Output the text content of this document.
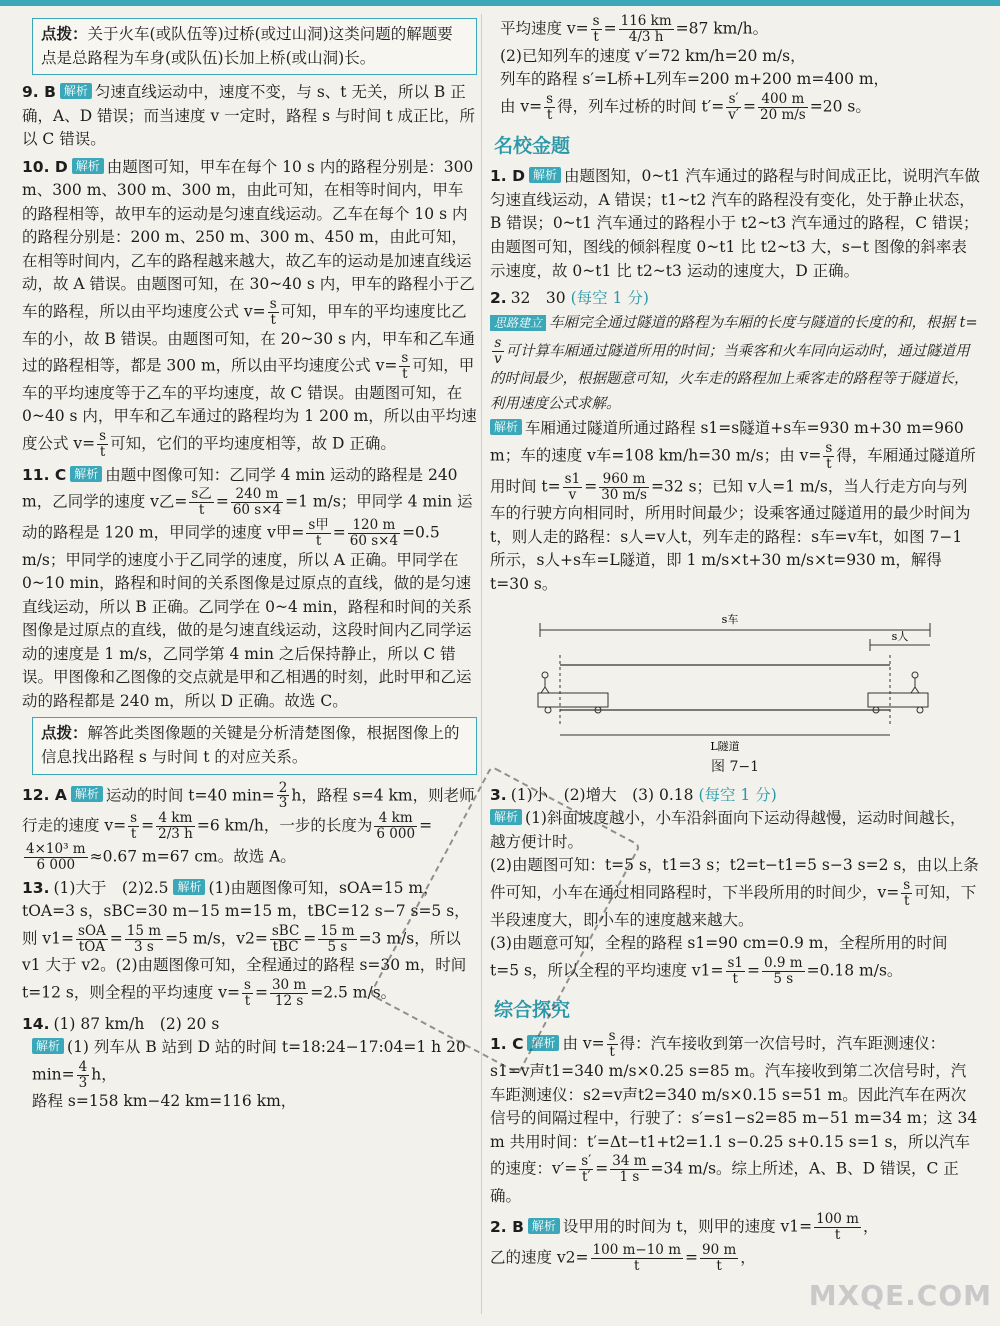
点拨：关于火车(或队伍等)过桥(或过山洞)这类问题的解题要点是总路程为车身(或队伍)长加上桥(或山洞)长。
9. B 解析 匀速直线运动中，速度不变，与 s、t 无关，所以 B 正确，A、D 错误；而当速度 v 一定时，路程 s 与时间 t 成正比，所以 C 错误。
10. D 解析 由题图可知，甲车在每个 10 s 内的路程分别是：300 m、300 m、300 m、300 m，由此可知，在相等时间内，甲车的路程相等，故甲车的运动是匀速直线运动。乙车在每个 10 s 内的路程分别是：200 m、250 m、300 m、450 m，由此可知，在相等时间内，乙车的路程越来越大，故乙车的运动是加速直线运动，故 A 错误。由题图可知，在 30~40 s 内，甲车的路程小于乙车的路程，所以由平均速度公式 $v= \frac{s}{t}$ 可知，甲车的平均速度比乙车的小，故 B 错误。由题图可知，在 20~30 s 内，甲车和乙车通过的路程相等，都是 300 m，所以由平均速度公式 $v= \frac{s}{t}$ 可知，甲车的平均速度等于乙车的平均速度，故 C 错误。由题图可知，在 0~40 s 内，甲车和乙车通过的路程均为 1 200 m，所以由平均速度公式 $v= \frac{s}{t}$ 可知，它们的平均速度相等，故 D 正确。
11. C 解析 由题中图像可知：乙同学 4 min 运动的路程是 240 m，乙同学的速度 v乙= $\frac{\text{s乙}}{t} = \frac{240 m}{60 s\times 4} =1$ m/s；甲同学 4 min 运动的路程是 120 m，甲同学的速度 v甲= $\frac{\text{s甲}}{t} = \frac{120 m}{60 s\times 4} =0.5$ m/s；甲同学的速度小于乙同学的速度，所以 A 正确。甲同学在 0~10 min，路程和时间的关系图像是过原点的直线，做的是匀速直线运动，所以 B 正确。乙同学在 0~4 min，路程和时间的关系图像是过原点的直线，做的是匀速直线运动，这段时间内乙同学运动的速度是 1 m/s，乙同学第 4 min 之后保持静止，所以 C 错误。甲图像和乙图像的交点就是甲和乙相遇的时刻，此时甲和乙运动的路程都是 240 m，所以 D 正确。故选 C。
点拨：解答此类图像题的关键是分析清楚图像，根据图像上的信息找出路程 s 与时间 t 的对应关系。
12. A 解析 运动的时间 t=40 $\min= \frac{2}{3}$ h，路程 s=4 km，则老师行走的速度 $v= \frac{s}{t} = \frac{4 km}{2/3 h} =6$ km/h，一步的长度为 $\frac{4 km}{6 000}$ =
$\frac{\text{4×10³ m}}{6 000} \approx 0.67$ m=67 cm。故选 A。
13. (1)大于　(2)2.5 解析 (1)由题图像可知，sOA=15 m，tOA=3 s，sBC=30 m−15 m=15 m，tBC=12 s−7 s=5 s，则 $v1= \frac{\text{sOA}}{\text{tOA}} = \frac{15 m}{3 s} =5$ m/s，$v2= \frac{\text{sBC}}{\text{tBC}} = \frac{15 m}{5 s} =3$ m/s，所以 v1 大于 v2。(2)由题图像可知，全程通过的路程 s=30 m，时间 t=12 s，则全程的平均速度 $v= \frac{s}{t} = \frac{30 m}{12 s} =2.5$ m/s。
14. (1) 87 km/h　(2) 20 s
解析 (1) 列车从 B 站到 D 站的时间 t=18:24−17:04=1 h 20 $\min= \frac{4}{3}$ h，
路程 s=158 km−42 km=116 km，
平均速度 $v= \frac{s}{t} = \frac{116 km}{4/3 h} =87$ km/h。
(2)已知列车的速度 v′=72 km/h=20 m/s，
列车的路程 s′=L桥+L列车=200 m+200 m=400 m，
由 $v= \frac{s}{t}$ 得，列车过桥的时间 $t'= \frac{s'}{v'} = \frac{400 m}{20 m/s} =20$ s。
名校金题
1. D 解析 由题图知，0~t1 汽车通过的路程与时间成正比，说明汽车做匀速直线运动，A 错误；t1~t2 汽车的路程没有变化，处于静止状态，B 错误；0~t1 汽车通过的路程小于 t2~t3 汽车通过的路程，C 错误；由题图可知，图线的倾斜程度 0~t1 比 t2~t3 大，s−t 图像的斜率表示速度，故 0~t1 比 t2~t3 运动的速度大，D 正确。
2. 32　30 (每空 1 分)
思路建立 车厢完全通过隧道的路程为车厢的长度与隧道的长度的和，根据 t=
$\frac{s}{v}$ 可计算车厢通过隧道所用的时间；当乘客和火车同向运动时，通过隧道用的时间最少，根据题意可知，火车走的路程加上乘客走的路程等于隧道长，利用速度公式求解。
解析 车厢通过隧道所通过路程 s1=s隧道+s车=930 m+30 m=960 m；车的速度 v车=108 km/h=30 m/s；由 $v= \frac{s}{t}$ 得，车厢通过隧道所用时间 $t= \frac{s1}{v} = \frac{960 m}{30 m/s} =32$ s；已知 v人=1 m/s，当人行走方向与列车的行驶方向相同时，所用时间最少；设乘客通过隧道用的最少时间为 t，则人走的路程：s人=v人t，列车走的路程：s车=v车t，如图 7−1 所示，s人+s车=L隧道，即 1 m/s×t+30 m/s×t=930 m，解得 t=30 s。
s车
s人
L隧道
图 7−1
3. (1)小　(2)增大　(3) 0.18 (每空 1 分)
解析 (1)斜面坡度越小，小车沿斜面向下运动得越慢，运动时间越长，越方便计时。
(2)由题图可知：t=5 s，t1=3 s；t2=t−t1=5 s−3 s=2 s，由以上条件可知，小车在通过相同路程时，下半段所用的时间少，$v= \frac{s}{t}$ 可知，下半段速度大，即小车的速度越来越大。
(3)由题意可知，全程的路程 s1=90 cm=0.9 m，全程所用的时间 t=5 s，所以全程的平均速度 $v1= \frac{s1}{t} = \frac{0.9 m}{5 s} =0.18$ m/s。
综合探究
1. C 解析 由 $v= \frac{s}{t}$ 得：汽车接收到第一次信号时，汽车距测速仪：s1=v声t1=340 m/s×0.25 s=85 m。汽车接收到第二次信号时，汽车距测速仪：s2=v声t2=340 m/s×0.15 s=51 m。因此汽车在两次信号的间隔过程中，行驶了：s′=s1−s2=85 m−51 m=34 m；这 34 m 共用时间：t′=Δt−t1+t2=1.1 s−0.25 s+0.15 s=1 s，所以汽车的速度：$v'= \frac{s'}{t'} = \frac{34 m}{1 s} =34$ m/s。综上所述，A、B、D 错误，C 正确。
2. B 解析 设甲用的时间为 t，则甲的速度 $v1= \frac{100 m}{t}$ ，
乙的速度 $v2= \frac{100 m-10 m}{t} = \frac{90 m}{t}$ ，
MXQE.COM
